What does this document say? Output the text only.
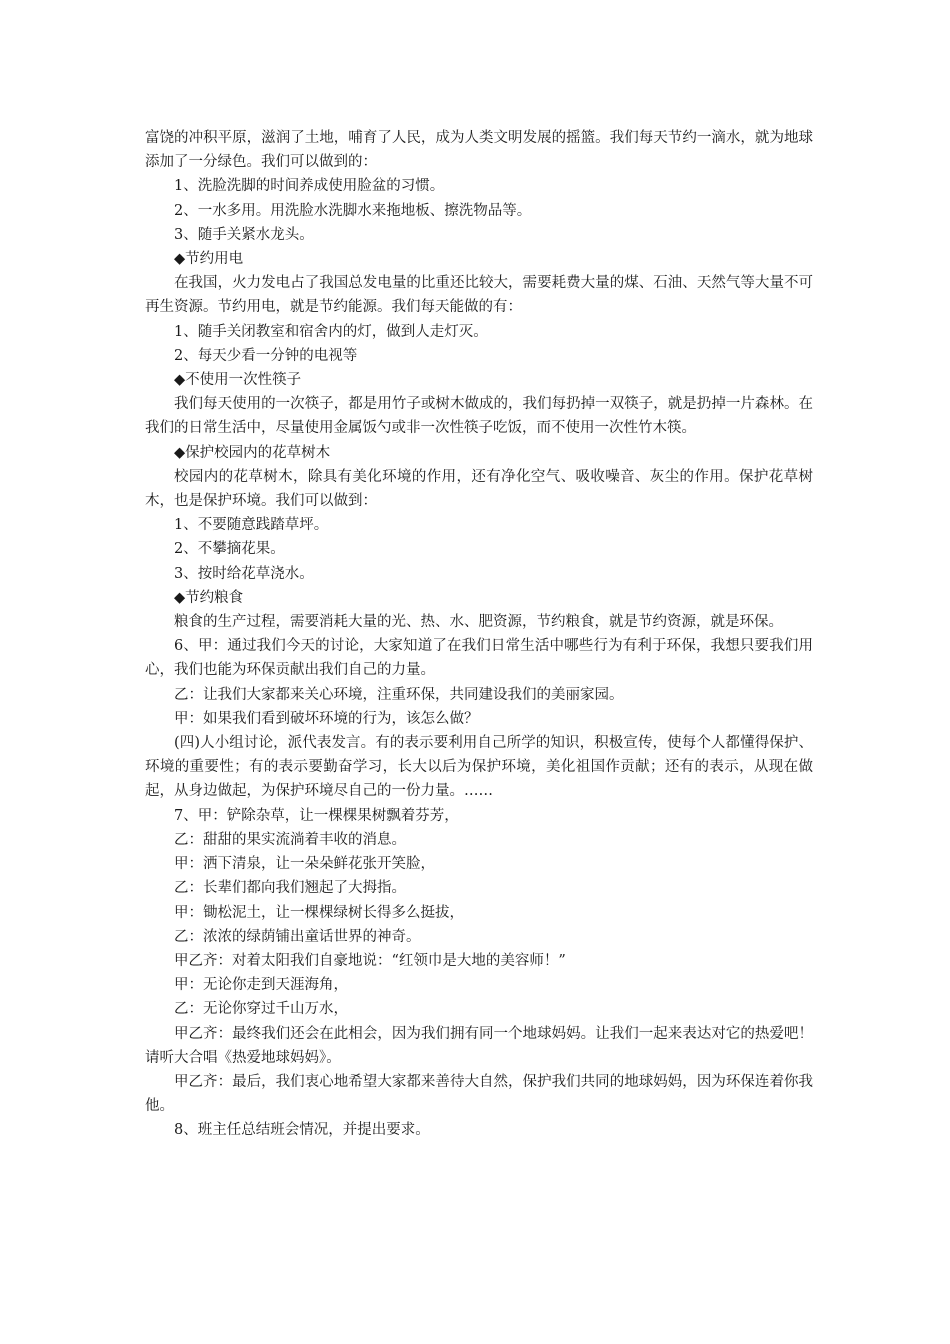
富饶的冲积平原，滋润了土地，哺育了人民，成为人类文明发展的摇篮。我们每天节约一滴水，就为地球添加了一分绿色。我们可以做到的：

1、洗脸洗脚的时间养成使用脸盆的习惯。

2、一水多用。用洗脸水洗脚水来拖地板、擦洗物品等。

3、随手关紧水龙头。

◆节约用电

在我国，火力发电占了我国总发电量的比重还比较大，需要耗费大量的煤、石油、天然气等大量不可再生资源。节约用电，就是节约能源。我们每天能做的有：

1、随手关闭教室和宿舍内的灯，做到人走灯灭。

2、每天少看一分钟的电视等

◆不使用一次性筷子

我们每天使用的一次筷子，都是用竹子或树木做成的，我们每扔掉一双筷子，就是扔掉一片森林。在我们的日常生活中，尽量使用金属饭勺或非一次性筷子吃饭，而不使用一次性竹木筷。

◆保护校园内的花草树木

校园内的花草树木，除具有美化环境的作用，还有净化空气、吸收噪音、灰尘的作用。保护花草树木，也是保护环境。我们可以做到：

1、不要随意践踏草坪。

2、不攀摘花果。

3、按时给花草浇水。

◆节约粮食

粮食的生产过程，需要消耗大量的光、热、水、肥资源，节约粮食，就是节约资源，就是环保。

6、甲：通过我们今天的讨论，大家知道了在我们日常生活中哪些行为有利于环保，我想只要我们用心，我们也能为环保贡献出我们自己的力量。

乙：让我们大家都来关心环境，注重环保，共同建设我们的美丽家园。

甲：如果我们看到破坏环境的行为，该怎么做？

(四)人小组讨论，派代表发言。有的表示要利用自己所学的知识，积极宣传，使每个人都懂得保护、环境的重要性；有的表示要勤奋学习，长大以后为保护环境，美化祖国作贡献；还有的表示，从现在做起，从身边做起，为保护环境尽自己的一份力量。……

7、甲：铲除杂草，让一棵棵果树飘着芬芳，

乙：甜甜的果实流淌着丰收的消息。

甲：洒下清泉，让一朵朵鲜花张开笑脸，

乙：长辈们都向我们翘起了大拇指。

甲：锄松泥土，让一棵棵绿树长得多么挺拔，

乙：浓浓的绿荫铺出童话世界的神奇。

甲乙齐：对着太阳我们自豪地说：“红领巾是大地的美容师！”

甲：无论你走到天涯海角，

乙：无论你穿过千山万水，

甲乙齐：最终我们还会在此相会，因为我们拥有同一个地球妈妈。让我们一起来表达对它的热爱吧！请听大合唱《热爱地球妈妈》。

甲乙齐：最后，我们衷心地希望大家都来善待大自然，保护我们共同的地球妈妈，因为环保连着你我他。

8、班主任总结班会情况，并提出要求。
